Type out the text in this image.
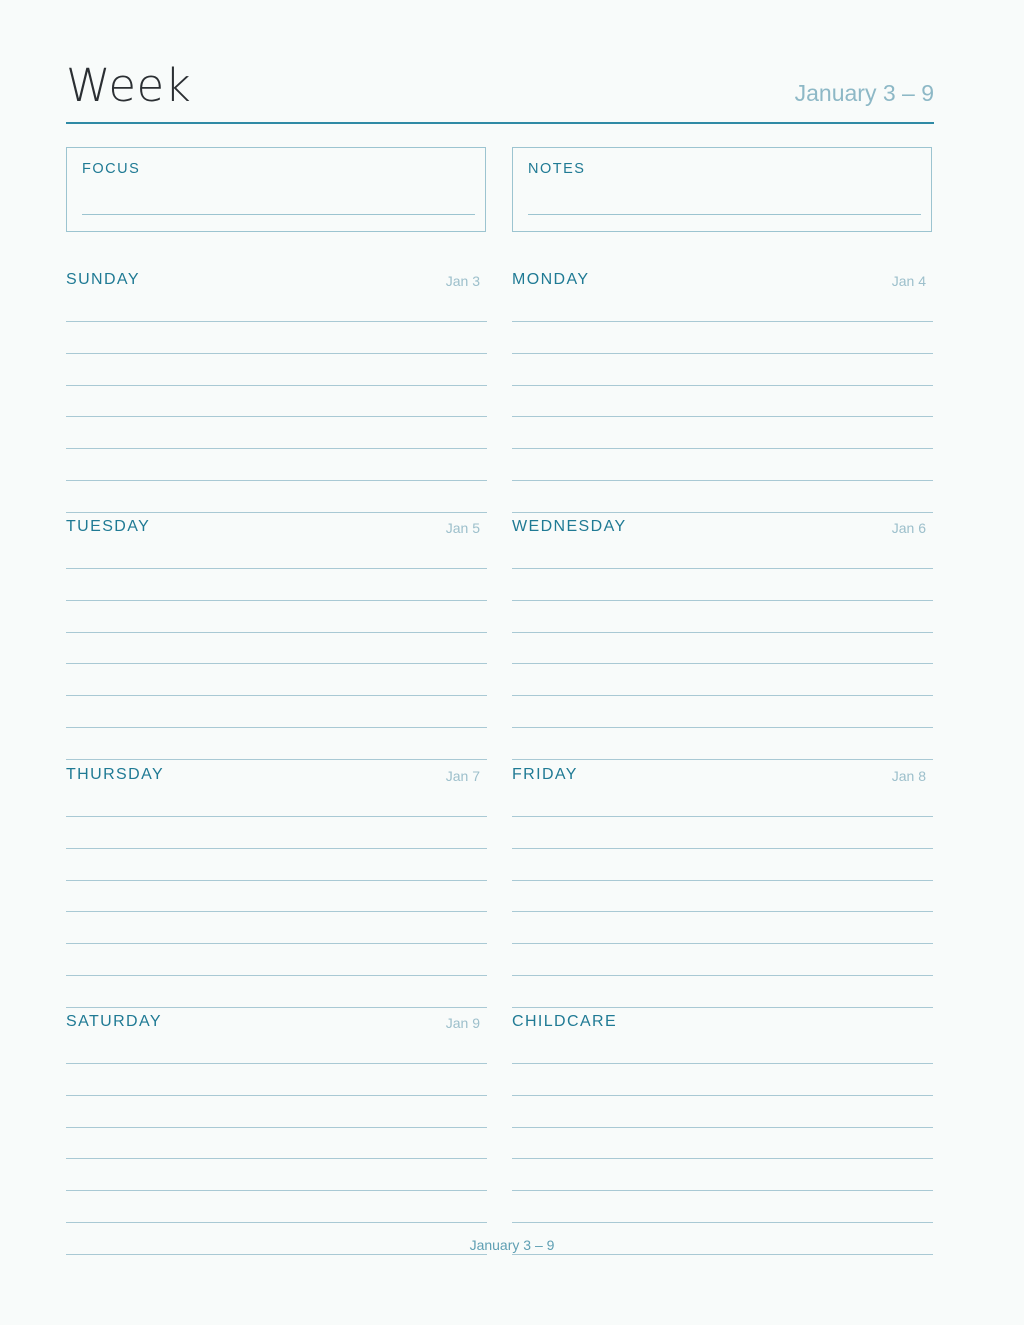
Week	January 3 – 9
FOCUS	NOTES
SUNDAY	Jan 3 MONDAY	Jan 4
TUESDAY	Jan 5 WEDNESDAY	Jan 6
THURSDAY	Jan 7 FRIDAY	Jan 8
SATURDAY	Jan 9 CHILDCARE
January 3 – 9
